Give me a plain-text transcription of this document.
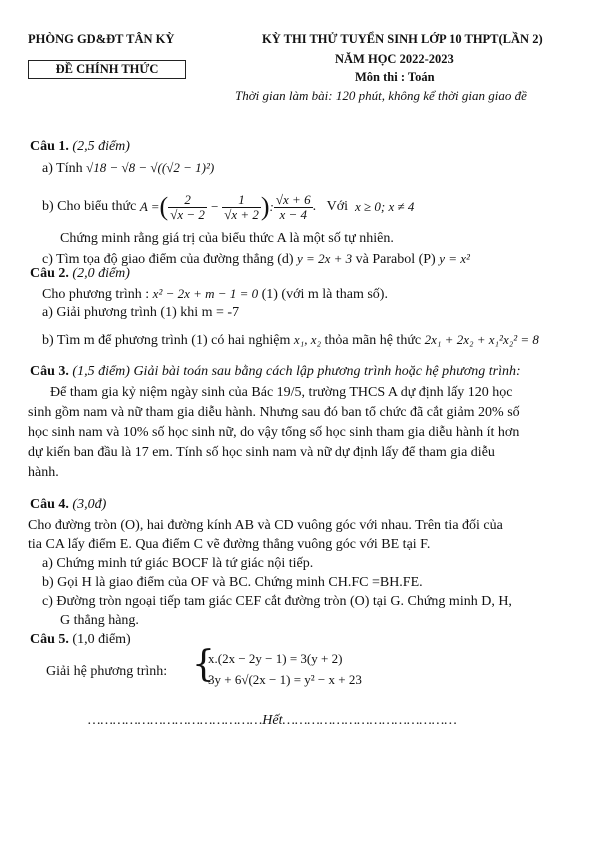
PHÒNG GD&ĐT TÂN KỲ	KỲ THI THỬ TUYỂN SINH LỚP 10 THPT(LẦN 2)
ĐỀ CHÍNH THỨC
NĂM HỌC 2022-2023
Môn thi : Toán
Thời gian làm bài: 120 phút, không kể thời gian giao đề
Câu 1. (2,5 điểm)
a) Tính √18 − √8 − √((√2 − 1)²)
b)
Cho biểu thức
A = ( $\frac{2}{√x - 2} - \frac{1}{√x + 2}$ ) : $\frac{√x + 6}{x - 4}$ . Với
x ≥ 0; x ≠ 4
Chứng minh rằng giá trị của biểu thức A là một số tự nhiên.
c) Tìm tọa độ giao điểm của đường thẳng (d) y = 2x + 3 và Parabol (P) y = x²
Câu 2. (2,0 điểm)
Cho phương trình : x² − 2x + m − 1 = 0 (1) (với m là tham số).
a) Giải phương trình (1) khi m = -7
b) Tìm m để phương trình (1) có hai nghiệm x₁, x₂ thỏa mãn hệ thức 2x₁ + 2x₂ + x₁²x₂² = 8
Câu 3. (1,5 điểm) Giải bài toán sau bằng cách lập phương trình hoặc hệ phương trình:
Để tham gia kỷ niệm ngày sinh của Bác 19/5, trường THCS A dự định lấy 120 học
sinh gồm nam và nữ tham gia diễu hành. Nhưng sau đó ban tổ chức đã cắt giảm 20% số
học sinh nam và 10% số học sinh nữ, do vậy tổng số học sinh tham gia diễu hành ít hơn
dự kiến ban đầu là 17 em. Tính số học sinh nam và nữ dự định lấy để tham gia diễu
hành.
Câu 4. (3,0đ)
Cho đường tròn (O), hai đường kính AB và CD vuông góc với nhau. Trên tia đối của
tia CA lấy điểm E. Qua điểm C vẽ đường thẳng vuông góc với BE tại F.
a) Chứng minh tứ giác BOCF là tứ giác nội tiếp.
b) Gọi H là giao điểm của OF và BC. Chứng minh CH.FC =BH.FE.
c) Đường tròn ngoại tiếp tam giác CEF cắt đường tròn (O) tại G. Chứng minh D, H,
G thẳng hàng.
Câu 5. (1,0 điểm)
Giải hệ phương trình: {
x.(2x − 2y − 1) = 3(y + 2)
3y + 6√(2x − 1) = y² − x + 23
……………………………………Hết……………………………………
